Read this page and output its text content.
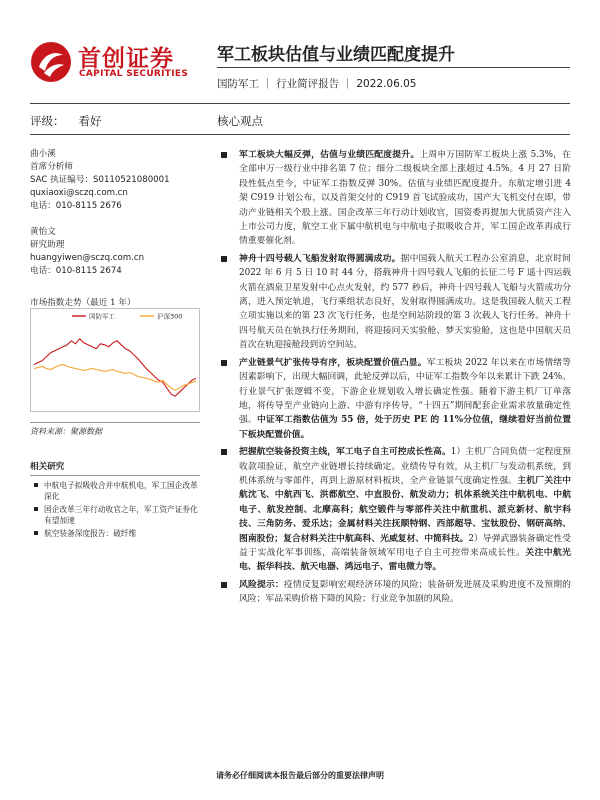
首创证券
CAPITAL SECURITIES
军工板块估值与业绩匹配度提升
国防军工 ｜ 行业简评报告 ｜ 2022.06.05
评级： 看好	核心观点
曲小溪
首席分析师
SAC 执证编号：S0110521080001
quxiaoxi@sczq.com.cn
电话：010-8115 2676
黄怡文
研究助理
huangyiwen@sczq.com.cn
电话：010-8115 2674
市场指数走势（最近 1 年）
国防军工	沪深300
资料来源：聚源数据
相关研究
中航电子拟吸收合并中航机电，军工国企改革深化
国企改革三年行动收官之年，军工资产证券化有望加速
航空装备深度报告：破纤维
军工板块大幅反弹，估值与业绩匹配度提升。上周申万国防军工板块上涨 5.3%，在全部申万一级行业中排名第 7 位；细分二级板块全部上涨超过 4.5%。4 月 27 日阶段性低点至今，中证军工指数反弹 30%。估值与业绩匹配度提升。东航定增引进 4 架 C919 计划公布，以及首架交付的 C919 首飞试验成功，国产大飞机交付在即，带动产业链相关个股上涨。国企改革三年行动计划收官，国资委再提加大优质资产注入上市公司力度，航空工业下属中航机电与中航电子拟吸收合并，军工国企改革再成行情重要催化剂。
神舟十四号载人飞船发射取得圆满成功。据中国载人航天工程办公室消息，北京时间 2022 年 6 月 5 日 10 时 44 分，搭载神舟十四号载人飞船的长征二号 F 遥十四运载火箭在酒泉卫星发射中心点火发射，约 577 秒后，神舟十四号载人飞船与火箭成功分离，进入预定轨道，飞行乘组状态良好，发射取得圆满成功。这是我国载人航天工程立项实施以来的第 23 次飞行任务，也是空间站阶段的第 3 次载人飞行任务。神舟十四号航天员在轨执行任务期间，将迎接问天实验舱、梦天实验舱，这也是中国航天员首次在轨迎接舱段到访空间站。
产业链景气扩张传导有序，板块配置价值凸显。军工板块 2022 年以来在市场情绪等因素影响下，出现大幅回调，此轮反弹以后，中证军工指数今年以来累计下跌 24%。行业景气扩张逻辑不变，下游企业规划收入增长确定性强。随着下游主机厂订单落地，将传导至产业链向上游、中游有序传导，“十四五”期间配套企业需求放量确定性强。中证军工指数估值为 55 倍，处于历史 PE 的 11%分位值，继续看好当前位置下板块配置价值。
把握航空装备投资主线，军工电子自主可控成长性高。1）主机厂合同负债一定程度预收款项验证，航空产业链增长持续确定。业绩传导有效，从主机厂与发动机系统，到机体系统与零部件，再到上游原材料板块，全产业链景气度确定性强。主机厂关注中航沈飞、中航西飞、洪都航空、中直股份、航发动力；机体系统关注中航机电、中航电子、航发控制、北摩高科；航空锻件与零部件关注中航重机、派克新材、航宇科技、三角防务、爱乐达；金属材料关注抚顺特钢、西部超导、宝钛股份、钢研高纳、图南股份；复合材料关注中航高科、光威复材、中简科技。2）导弹武器装备确定性受益于实战化军事训练，高端装备领域军用电子自主可控带来高成长性。关注中航光电、振华科技、航天电器、鸿远电子、雷电微力等。
风险提示：疫情反复影响宏观经济环境的风险；装备研发进展及采购进度不及预期的风险；军品采购价格下降的风险；行业竞争加剧的风险。
请务必仔细阅读本报告最后部分的重要法律声明
